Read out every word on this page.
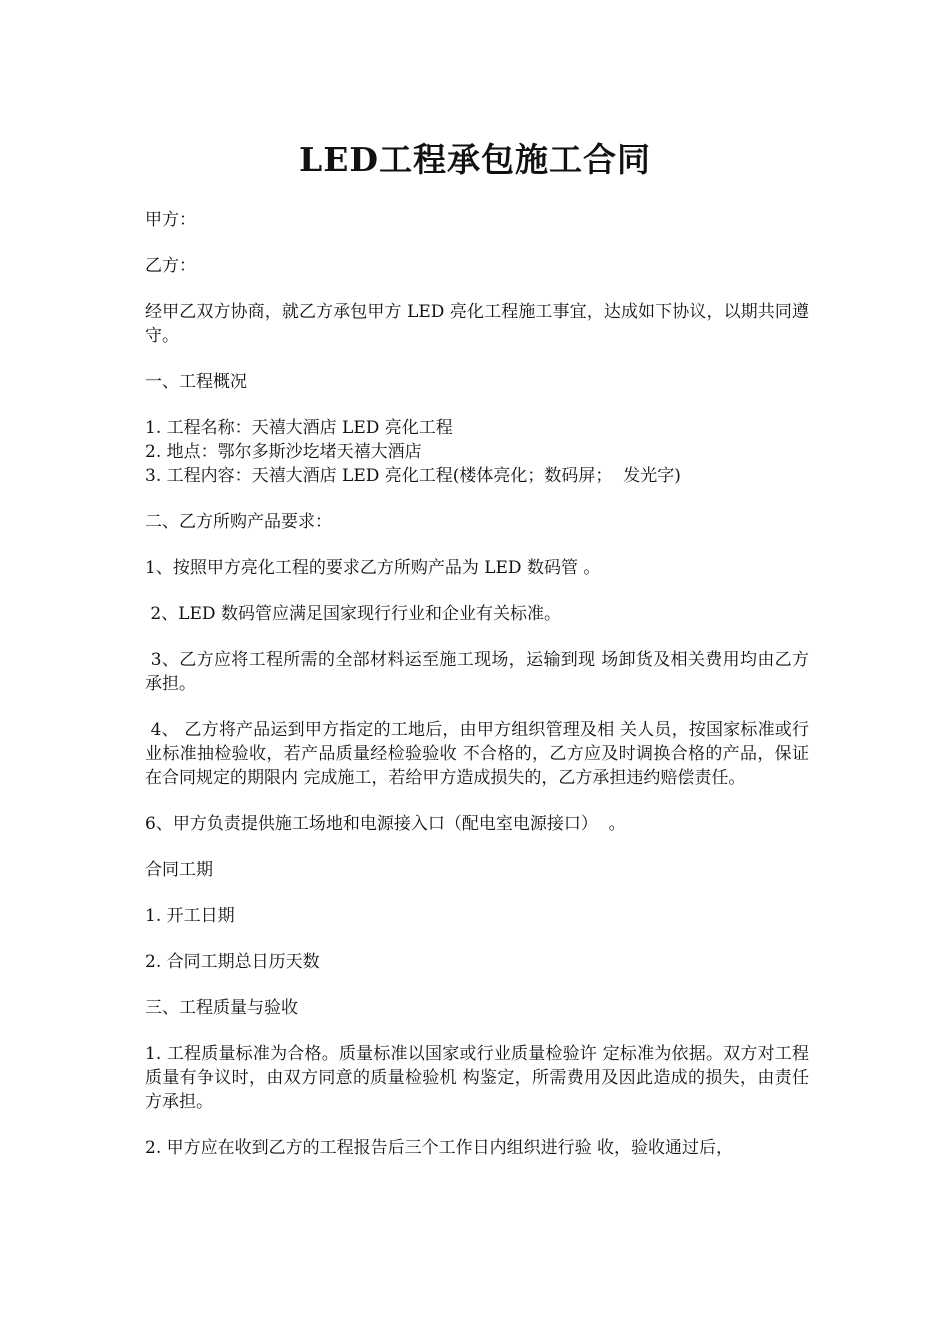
LED工程承包施工合同

甲方：

乙方：

经甲乙双方协商，就乙方承包甲方 LED 亮化工程施工事宜，达成如下协议，以期共同遵守。

一、工程概况

1. 工程名称：天禧大酒店 LED 亮化工程

2. 地点：鄂尔多斯沙圪堵天禧大酒店

3. 工程内容：天禧大酒店 LED 亮化工程(楼体亮化；数码屏；  发光字)

二、乙方所购产品要求：

1、按照甲方亮化工程的要求乙方所购产品为 LED 数码管 。

2、LED 数码管应满足国家现行行业和企业有关标准。

3、乙方应将工程所需的全部材料运至施工现场，运输到现 场卸货及相关费用均由乙方承担。

4、 乙方将产品运到甲方指定的工地后，由甲方组织管理及相 关人员，按国家标准或行业标准抽检验收，若产品质量经检验验收 不合格的，乙方应及时调换合格的产品，保证在合同规定的期限内 完成施工，若给甲方造成损失的，乙方承担违约赔偿责任。

6、甲方负责提供施工场地和电源接入口（配电室电源接口）  。

合同工期

1. 开工日期

2. 合同工期总日历天数

三、工程质量与验收

1. 工程质量标准为合格。质量标准以国家或行业质量检验许 定标准为依据。双方对工程质量有争议时，由双方同意的质量检验机 构鉴定，所需费用及因此造成的损失，由责任方承担。

2. 甲方应在收到乙方的工程报告后三个工作日内组织进行验 收，验收通过后，
